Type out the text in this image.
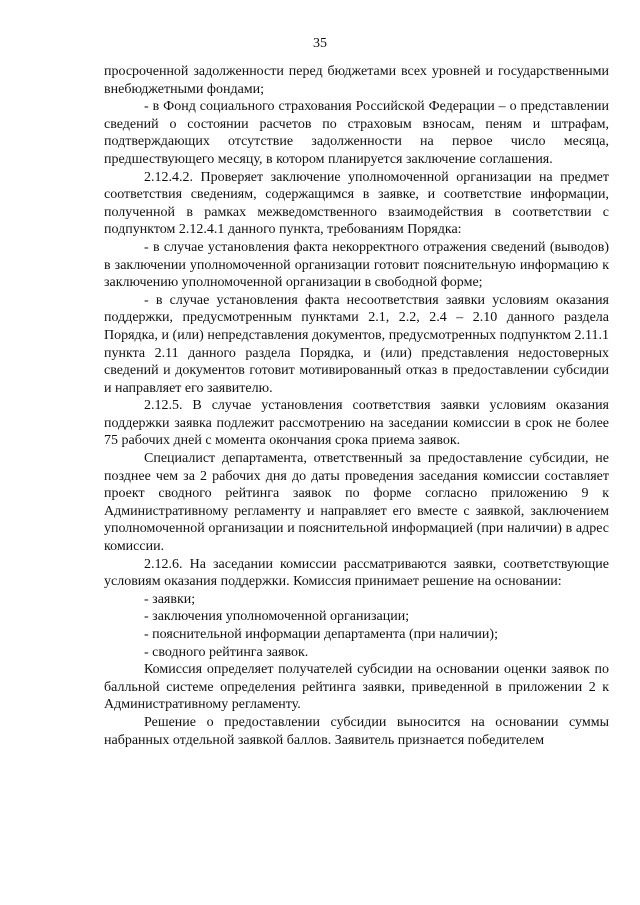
35

просроченной задолженности перед бюджетами всех уровней и государственными внебюджетными фондами;

- в Фонд социального страхования Российской Федерации – о представлении сведений о состоянии расчетов по страховым взносам, пеням и штрафам, подтверждающих отсутствие задолженности на первое число месяца, предшествующего месяцу, в котором планируется заключение соглашения.

2.12.4.2. Проверяет заключение уполномоченной организации на предмет соответствия сведениям, содержащимся в заявке, и соответствие информации, полученной в рамках межведомственного взаимодействия в соответствии с подпунктом 2.12.4.1 данного пункта, требованиям Порядка:

- в случае установления факта некорректного отражения сведений (выводов) в заключении уполномоченной организации готовит пояснительную информацию к заключению уполномоченной организации в свободной форме;

- в случае установления факта несоответствия заявки условиям оказания поддержки, предусмотренным пунктами 2.1, 2.2, 2.4 – 2.10 данного раздела Порядка, и (или) непредставления документов, предусмотренных подпунктом 2.11.1 пункта 2.11 данного раздела Порядка, и (или) представления недостоверных сведений и документов готовит мотивированный отказ в предоставлении субсидии и направляет его заявителю.

2.12.5. В случае установления соответствия заявки условиям оказания поддержки заявка подлежит рассмотрению на заседании комиссии в срок не более 75 рабочих дней с момента окончания срока приема заявок.

Специалист департамента, ответственный за предоставление субсидии, не позднее чем за 2 рабочих дня до даты проведения заседания комиссии составляет проект сводного рейтинга заявок по форме согласно приложению 9 к Административному регламенту и направляет его вместе с заявкой, заключением уполномоченной организации и пояснительной информацией (при наличии) в адрес комиссии.

2.12.6. На заседании комиссии рассматриваются заявки, соответствующие условиям оказания поддержки. Комиссия принимает решение на основании:

- заявки;

- заключения уполномоченной организации;

- пояснительной информации департамента (при наличии);

- сводного рейтинга заявок.

Комиссия определяет получателей субсидии на основании оценки заявок по балльной системе определения рейтинга заявки, приведенной в приложении 2 к Административному регламенту.

Решение о предоставлении субсидии выносится на основании суммы набранных отдельной заявкой баллов. Заявитель признается победителем
